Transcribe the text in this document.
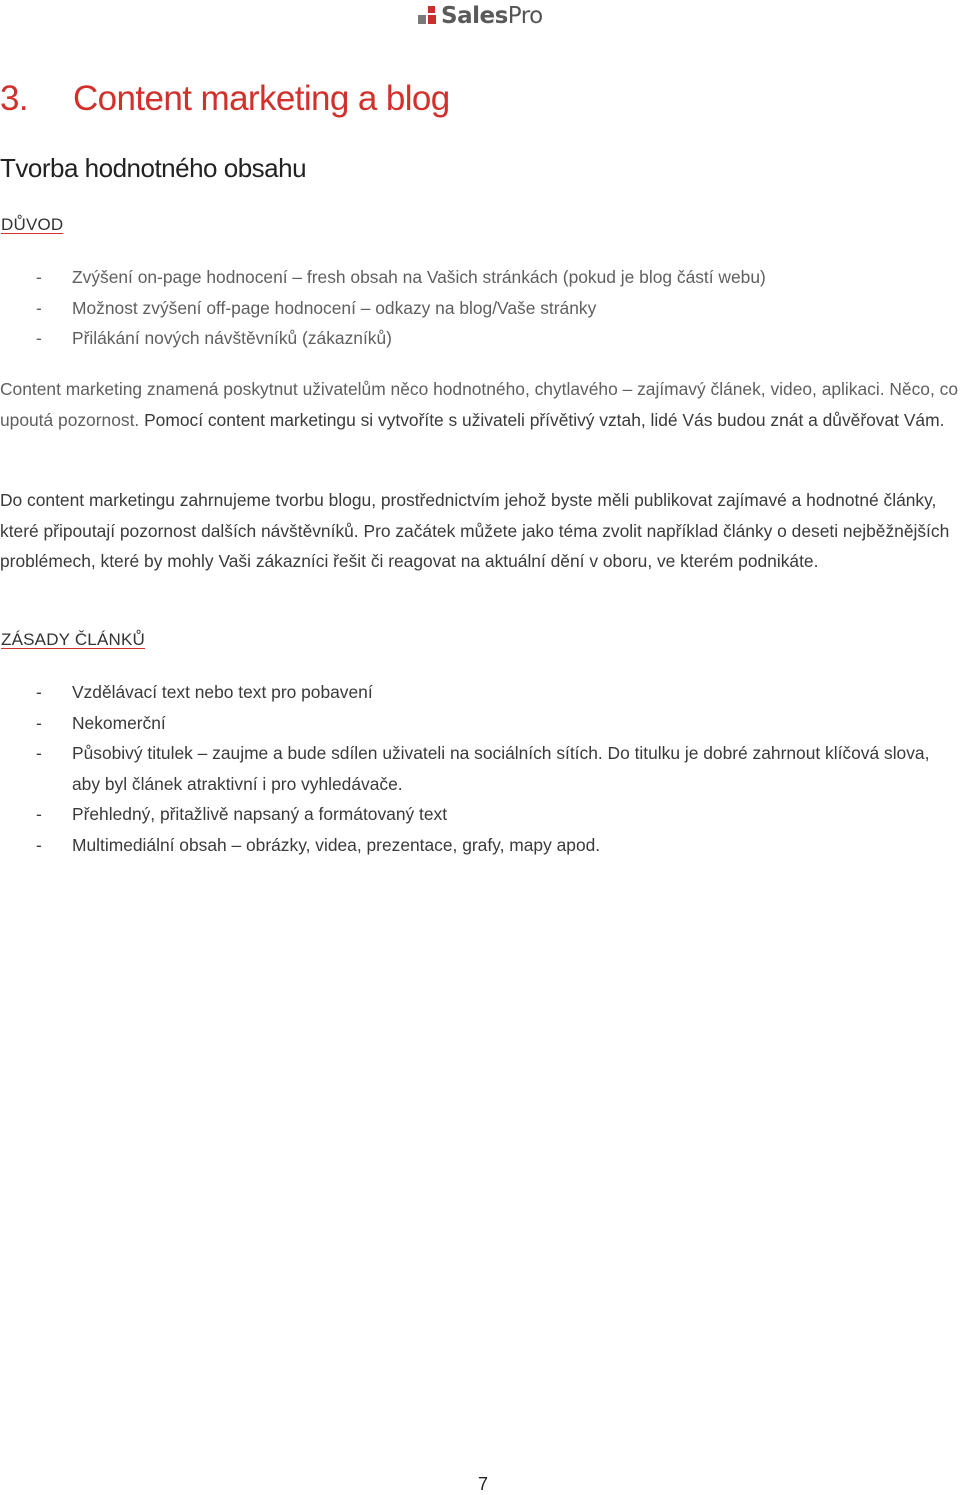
SalesPro
3. Content marketing a blog
Tvorba hodnotného obsahu
DŮVOD
- Zvýšení on-page hodnocení – fresh obsah na Vašich stránkách (pokud je blog částí webu)
- Možnost zvýšení off-page hodnocení – odkazy na blog/Vaše stránky
- Přilákání nových návštěvníků (zákazníků)

Content marketing znamená poskytnut uživatelům něco hodnotného, chytlavého – zajímavý článek, video, aplikaci. Něco, co upoutá pozornost. Pomocí content marketingu si vytvoříte s uživateli přívětivý vztah, lidé Vás budou znát a důvěřovat Vám.

Do content marketingu zahrnujeme tvorbu blogu, prostřednictvím jehož byste měli publikovat zajímavé a hodnotné články, které připoutají pozornost dalších návštěvníků. Pro začátek můžete jako téma zvolit například články o deseti nejběžnějších problémech, které by mohly Vaši zákazníci řešit či reagovat na aktuální dění v oboru, ve kterém podnikáte.

ZÁSADY ČLÁNKŮ
- Vzdělávací text nebo text pro pobavení
- Nekomerční
- Působivý titulek – zaujme a bude sdílen uživateli na sociálních sítích. Do titulku je dobré zahrnout klíčová slova, aby byl článek atraktivní i pro vyhledávače.
- Přehledný, přitažlivě napsaný a formátovaný text
- Multimediální obsah – obrázky, videa, prezentace, grafy, mapy apod.
7
